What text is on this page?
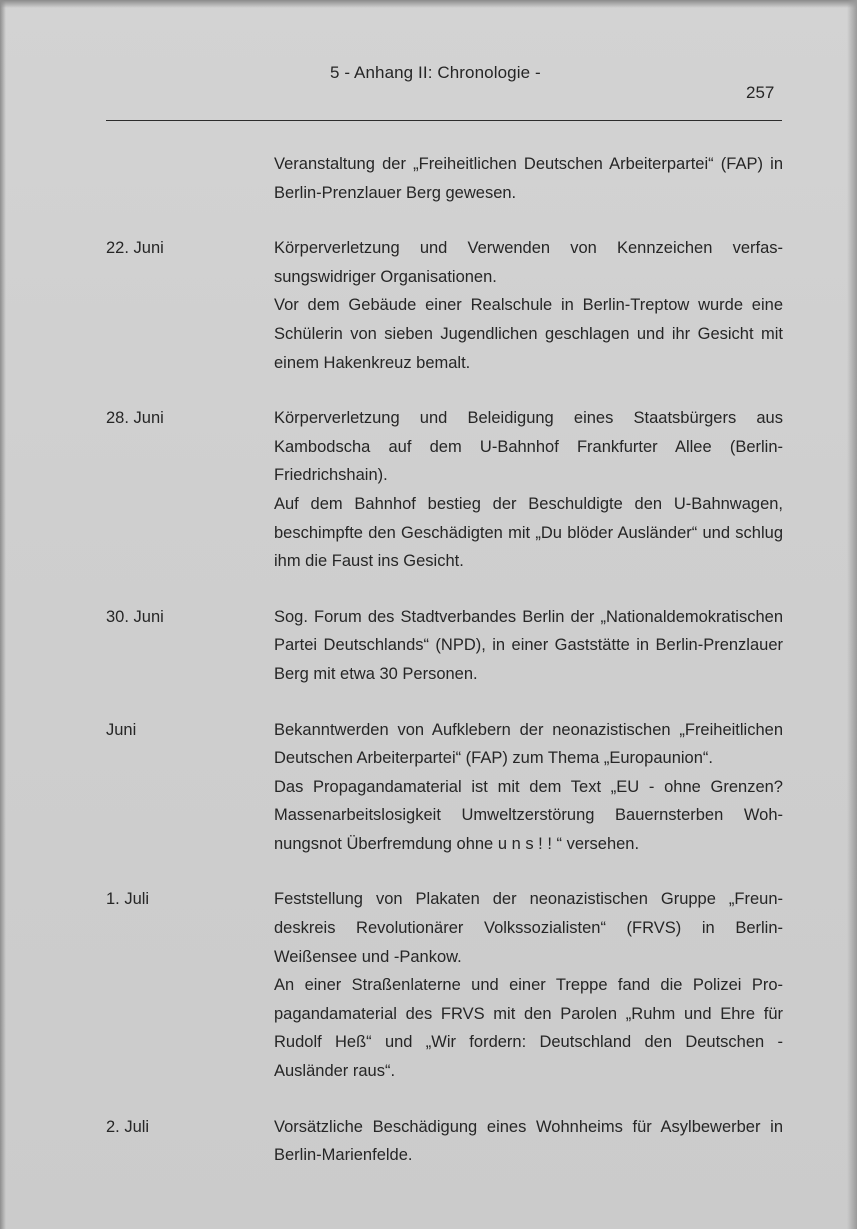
5 - Anhang II: Chronologie -
257

Veranstaltung der „Freiheitlichen Deutschen Arbeiterpartei“ (FAP) in Berlin-Prenzlauer Berg gewesen.

22. Juni	Körperverletzung und Verwenden von Kennzeichen verfassungswidriger Organisationen.

Vor dem Gebäude einer Realschule in Berlin-Treptow wurde eine Schülerin von sieben Jugendlichen geschlagen und ihr Gesicht mit einem Hakenkreuz bemalt.

28. Juni	Körperverletzung und Beleidigung eines Staatsbürgers aus Kambodscha auf dem U-Bahnhof Frankfurter Allee (Berlin-Friedrichshain).

Auf dem Bahnhof bestieg der Beschuldigte den U-Bahnwagen, beschimpfte den Geschädigten mit „Du blöder Ausländer“ und schlug ihm die Faust ins Gesicht.

30. Juni	Sog. Forum des Stadtverbandes Berlin der „Nationaldemokratischen Partei Deutschlands“ (NPD), in einer Gaststätte in Berlin-Prenzlauer Berg mit etwa 30 Personen.

Juni	Bekanntwerden von Aufklebern der neonazistischen „Freiheitlichen Deutschen Arbeiterpartei“ (FAP) zum Thema „Europaunion“.

Das Propagandamaterial ist mit dem Text „EU - ohne Grenzen? Massenarbeitslosigkeit Umweltzerstörung Bauernsterben Wohnungsnot Überfremdung ohne u n s ! ! “ versehen.

1. Juli	Feststellung von Plakaten der neonazistischen Gruppe „Freundeskreis Revolutionärer Volkssozialisten“ (FRVS) in Berlin-Weißensee und -Pankow.

An einer Straßenlaterne und einer Treppe fand die Polizei Propagandamaterial des FRVS mit den Parolen „Ruhm und Ehre für Rudolf Heß“ und „Wir fordern: Deutschland den Deutschen - Ausländer raus“.

2. Juli	Vorsätzliche Beschädigung eines Wohnheims für Asylbewerber in Berlin-Marienfelde.
